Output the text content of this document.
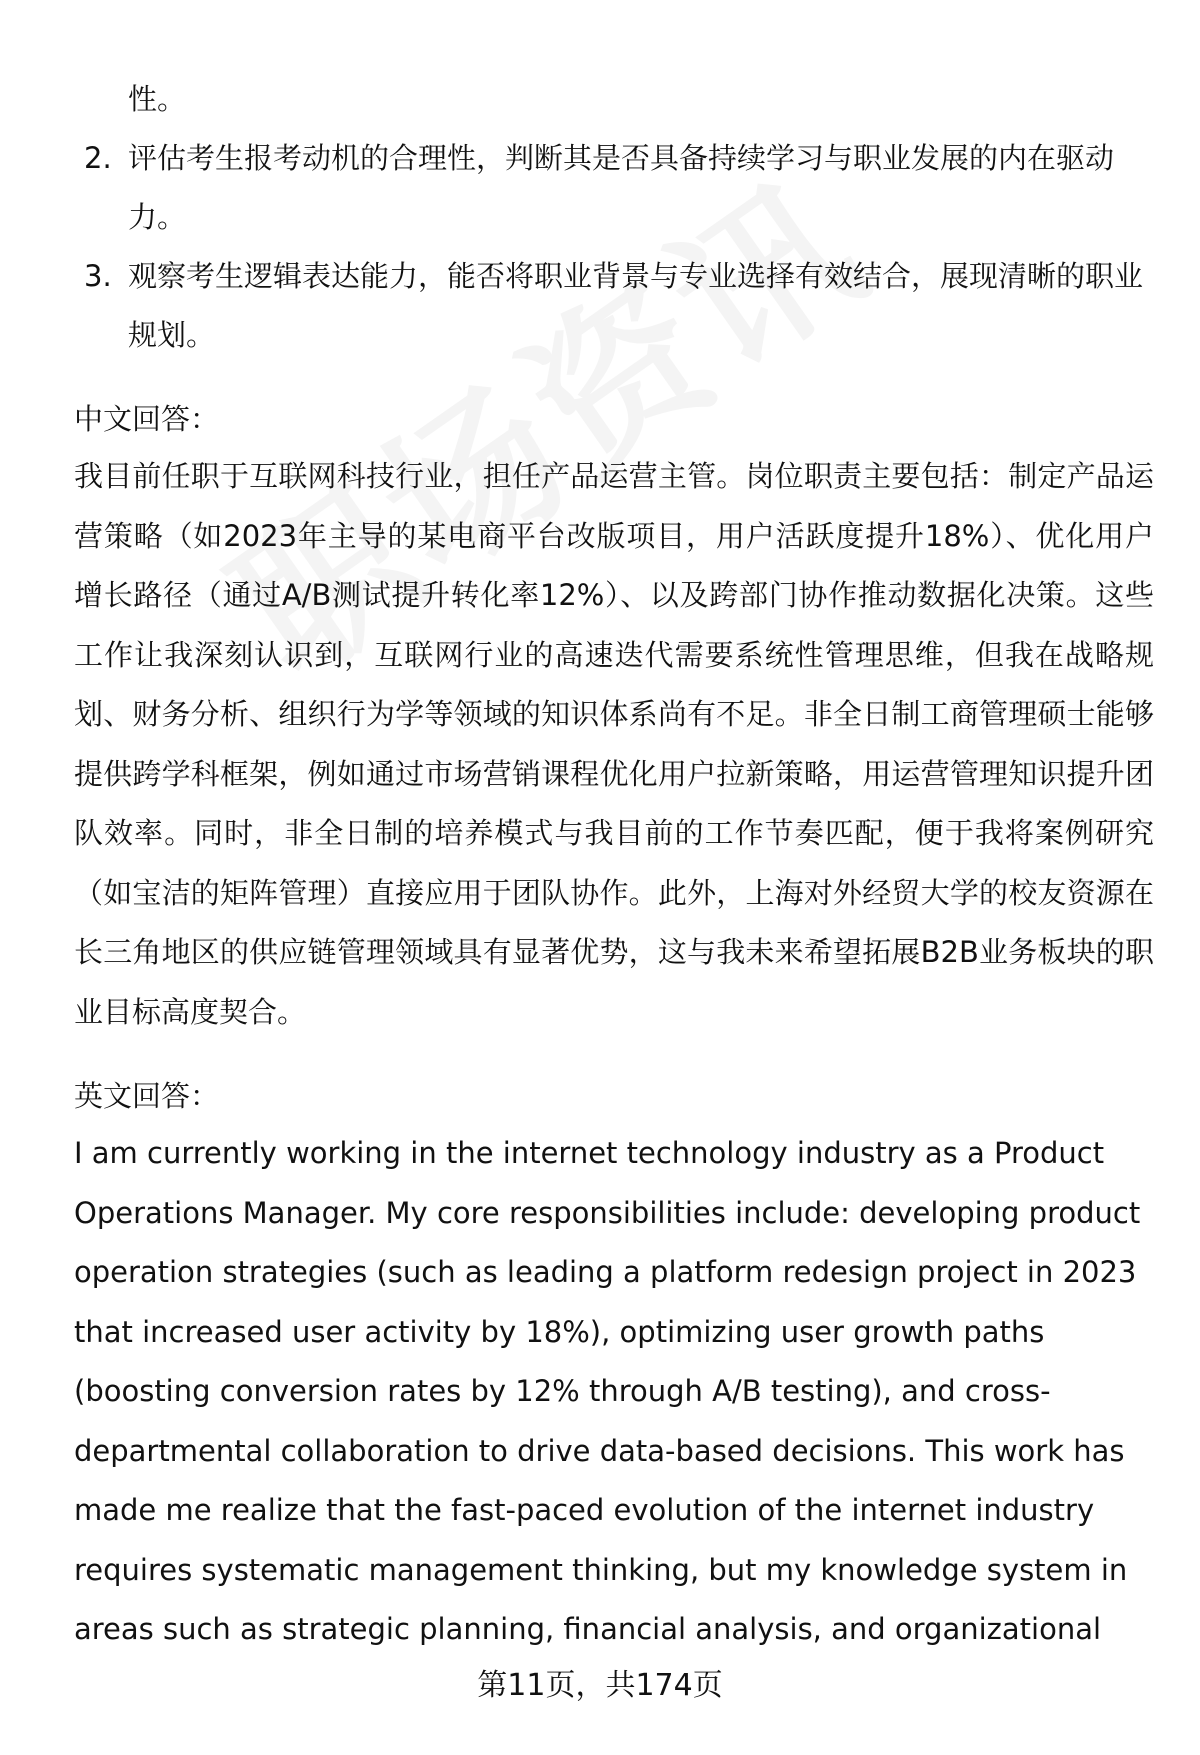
性。
2. 评估考生报考动机的合理性，判断其是否具备持续学习与职业发展的内在驱动力。
3. 观察考生逻辑表达能力，能否将职业背景与专业选择有效结合，展现清晰的职业规划。
中文回答：
我目前任职于互联网科技行业，担任产品运营主管。岗位职责主要包括：制定产品运营策略（如2023年主导的某电商平台改版项目，用户活跃度提升18%）、优化用户增长路径（通过A/B测试提升转化率12%）、以及跨部门协作推动数据化决策。这些工作让我深刻认识到，互联网行业的高速迭代需要系统性管理思维，但我在战略规划、财务分析、组织行为学等领域的知识体系尚有不足。非全日制工商管理硕士能够提供跨学科框架，例如通过市场营销课程优化用户拉新策略，用运营管理知识提升团队效率。同时，非全日制的培养模式与我目前的工作节奏匹配，便于我将案例研究（如宝洁的矩阵管理）直接应用于团队协作。此外，上海对外经贸大学的校友资源在长三角地区的供应链管理领域具有显著优势，这与我未来希望拓展B2B业务板块的职业目标高度契合。
英文回答：
I am currently working in the internet technology industry as a Product
Operations Manager. My core responsibilities include: developing product
operation strategies (such as leading a platform redesign project in 2023
that increased user activity by 18%), optimizing user growth paths
(boosting conversion rates by 12% through A/B testing), and cross-
departmental collaboration to drive data-based decisions. This work has
made me realize that the fast-paced evolution of the internet industry
requires systematic management thinking, but my knowledge system in
areas such as strategic planning, financial analysis, and organizational
第11页，共174页
